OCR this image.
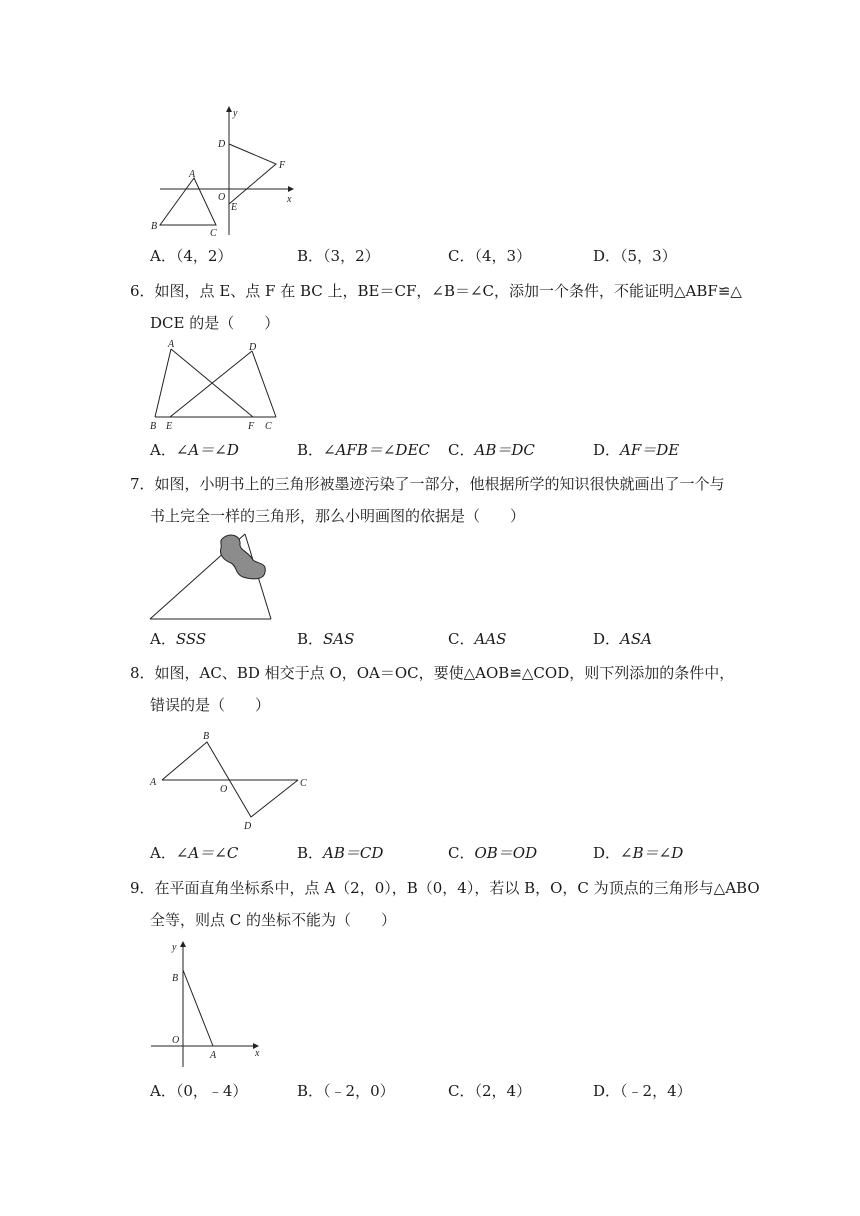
y
x
D
F
A
O
E
B
C
A．（4，2）	B．（3，2）	C．（4，3）	D．（5，3）
6．如图，点 E、点 F 在 BC 上，BE＝CF，∠B＝∠C，添加一个条件，不能证明△ABF≌△
DCE 的是（　　）
A	D
B E	F C
A．∠A＝∠D	B．∠AFB＝∠DEC C．AB＝DC	D．AF＝DE
7．如图，小明书上的三角形被墨迹污染了一部分，他根据所学的知识很快就画出了一个与
书上完全一样的三角形，那么小明画图的依据是（　　）
A．SSS	B．SAS	C．AAS	D．ASA
8．如图，AC、BD 相交于点 O，OA＝OC，要使△AOB≌△COD，则下列添加的条件中，
错误的是（　　）
B
A
O
C
D
A．∠A＝∠C	B．AB＝CD	C．OB＝OD	D．∠B＝∠D
9．在平面直角坐标系中，点 A（2，0），B（0，4），若以 B，O，C 为顶点的三角形与△ABO
全等，则点 C 的坐标不能为（　　）
y
B
O
A	x
A．（0，﹣4）	B．（﹣2，0）	C．（2，4）	D．（﹣2，4）
